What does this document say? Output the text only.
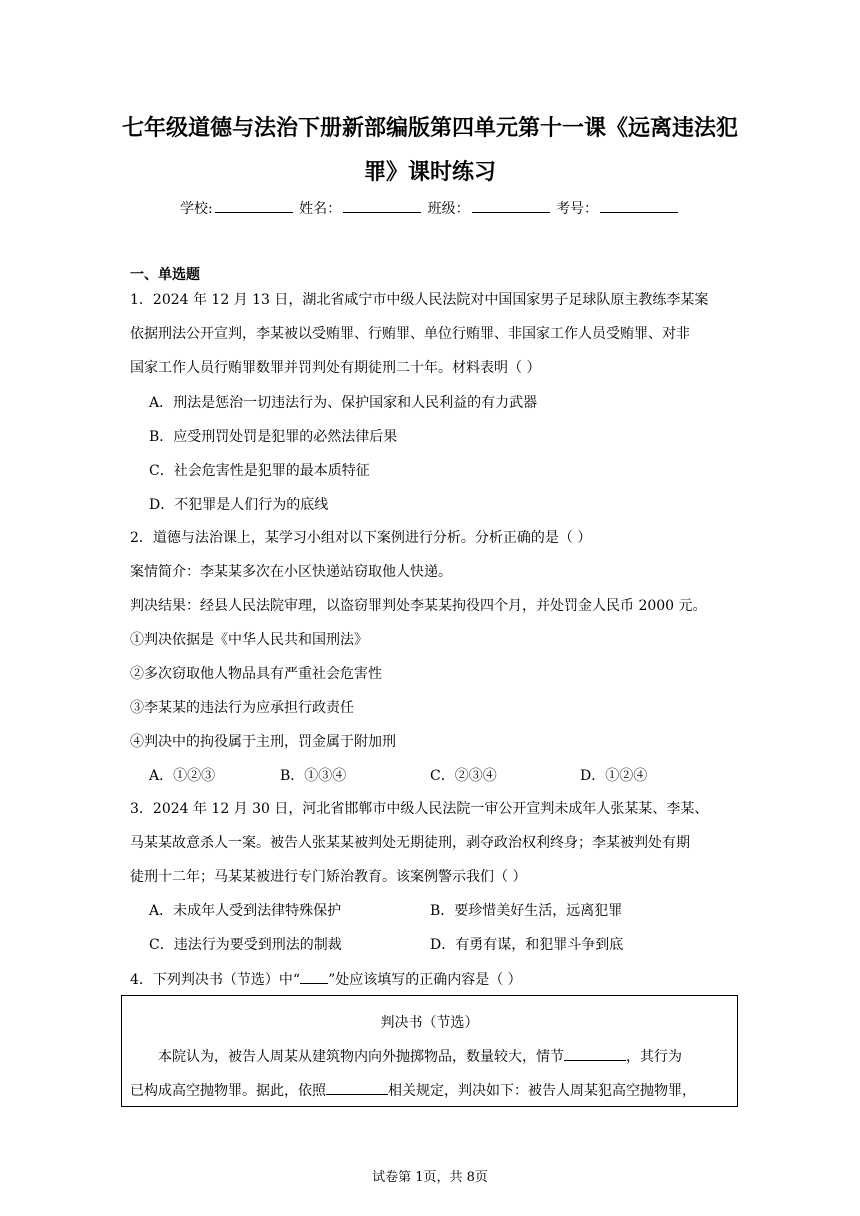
七年级道德与法治下册新部编版第四单元第十一课《远离违法犯
罪》课时练习
学校:	姓名：	班级：	考号：
一、单选题
1．2024 年 12 月 13 日，湖北省咸宁市中级人民法院对中国国家男子足球队原主教练李某案
依据刑法公开宣判，李某被以受贿罪、行贿罪、单位行贿罪、非国家工作人员受贿罪、对非
国家工作人员行贿罪数罪并罚判处有期徒刑二十年。材料表明（ ）
A．刑法是惩治一切违法行为、保护国家和人民利益的有力武器
B．应受刑罚处罚是犯罪的必然法律后果
C．社会危害性是犯罪的最本质特征
D．不犯罪是人们行为的底线
2．道德与法治课上，某学习小组对以下案例进行分析。分析正确的是（ ）
案情简介：李某某多次在小区快递站窃取他人快递。
判决结果：经县人民法院审理，以盗窃罪判处李某某拘役四个月，并处罚金人民币 2000 元。
①判决依据是《中华人民共和国刑法》
②多次窃取他人物品具有严重社会危害性
③李某某的违法行为应承担行政责任
④判决中的拘役属于主刑，罚金属于附加刑
A．①②③	B．①③④	C．②③④	D．①②④
3．2024 年 12 月 30 日，河北省邯郸市中级人民法院一审公开宣判未成年人张某某、李某、
马某某故意杀人一案。被告人张某某被判处无期徒刑，剥夺政治权利终身；李某被判处有期
徒刑十二年；马某某被进行专门矫治教育。该案例警示我们（ ）
A．未成年人受到法律特殊保护	B．要珍惜美好生活，远离犯罪
C．违法行为要受到刑法的制裁	D．有勇有谋，和犯罪斗争到底
4．下列判决书（节选）中“ ”处应该填写的正确内容是（ ）
判决书（节选）
本院认为，被告人周某从建筑物内向外抛掷物品，数量较大，情节	，其行为
已构成高空抛物罪。据此，依照	相关规定，判决如下：被告人周某犯高空抛物罪，
试卷第 1页，共 8页
